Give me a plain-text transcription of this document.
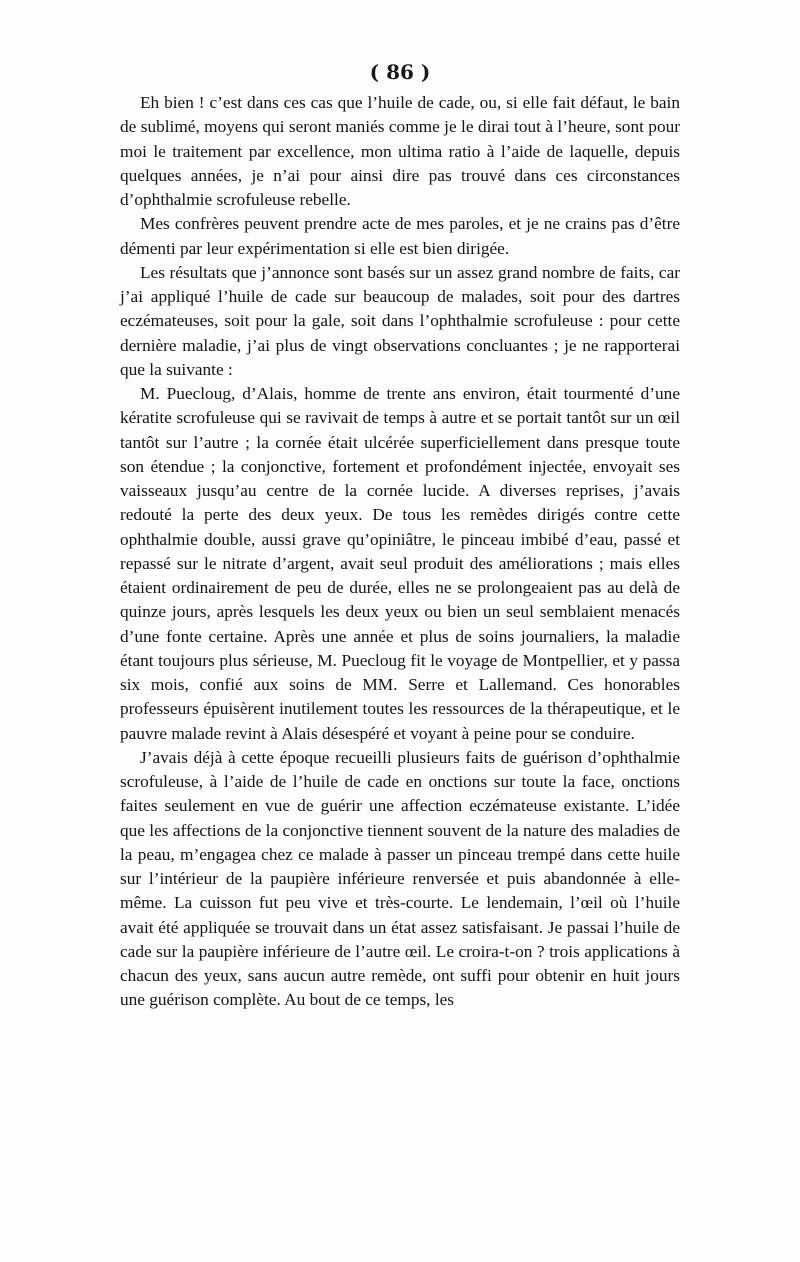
( 86 )

Eh bien ! c’est dans ces cas que l’huile de cade, ou, si elle fait défaut, le bain de sublimé, moyens qui seront maniés comme je le dirai tout à l’heure, sont pour moi le traitement par excellence, mon ultima ratio à l’aide de laquelle, depuis quelques années, je n’ai pour ainsi dire pas trouvé dans ces circonstances d’ophthalmie scrofuleuse rebelle.

Mes confrères peuvent prendre acte de mes paroles, et je ne crains pas d’être démenti par leur expérimentation si elle est bien dirigée.

Les résultats que j’annonce sont basés sur un assez grand nombre de faits, car j’ai appliqué l’huile de cade sur beaucoup de malades, soit pour des dartres eczémateuses, soit pour la gale, soit dans l’ophthalmie scrofuleuse : pour cette dernière maladie, j’ai plus de vingt observations concluantes ; je ne rapporterai que la suivante :

M. Puecloug, d’Alais, homme de trente ans environ, était tourmenté d’une kératite scrofuleuse qui se ravivait de temps à autre et se portait tantôt sur un œil tantôt sur l’autre ; la cornée était ulcérée superficiellement dans presque toute son étendue ; la conjonctive, fortement et profondément injectée, envoyait ses vaisseaux jusqu’au centre de la cornée lucide. A diverses reprises, j’avais redouté la perte des deux yeux. De tous les remèdes dirigés contre cette ophthalmie double, aussi grave qu’opiniâtre, le pinceau imbibé d’eau, passé et repassé sur le nitrate d’argent, avait seul produit des améliorations ; mais elles étaient ordinairement de peu de durée, elles ne se prolongeaient pas au delà de quinze jours, après lesquels les deux yeux ou bien un seul semblaient menacés d’une fonte certaine. Après une année et plus de soins journaliers, la maladie étant toujours plus sérieuse, M. Puecloug fit le voyage de Montpellier, et y passa six mois, confié aux soins de MM. Serre et Lallemand. Ces honorables professeurs épuisèrent inutilement toutes les ressources de la thérapeutique, et le pauvre malade revint à Alais désespéré et voyant à peine pour se conduire.

J’avais déjà à cette époque recueilli plusieurs faits de guérison d’ophthalmie scrofuleuse, à l’aide de l’huile de cade en onctions sur toute la face, onctions faites seulement en vue de guérir une affection eczémateuse existante. L’idée que les affections de la conjonctive tiennent souvent de la nature des maladies de la peau, m’engagea chez ce malade à passer un pinceau trempé dans cette huile sur l’intérieur de la paupière inférieure renversée et puis abandonnée à elle-même. La cuisson fut peu vive et très-courte. Le lendemain, l’œil où l’huile avait été appliquée se trouvait dans un état assez satisfaisant. Je passai l’huile de cade sur la paupière inférieure de l’autre œil. Le croira-t-on ? trois applications à chacun des yeux, sans aucun autre remède, ont suffi pour obtenir en huit jours une guérison complète. Au bout de ce temps, les
